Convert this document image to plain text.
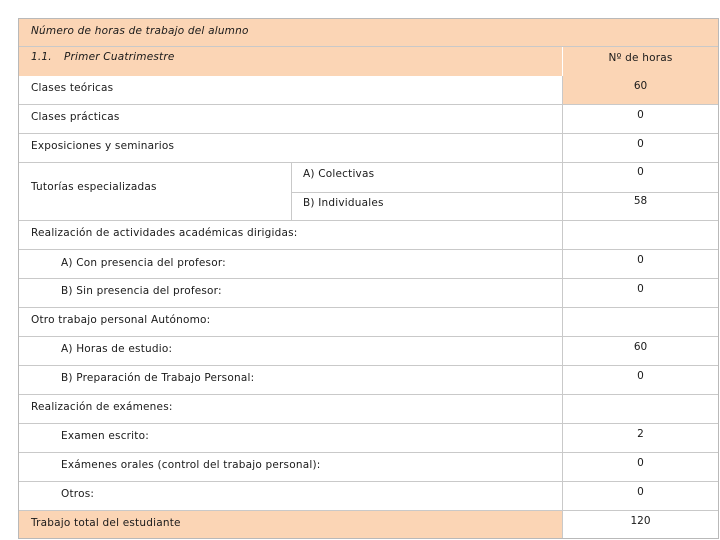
Número de horas de trabajo del alumno
1.1. Primer Cuatrimestre	Nº de horas
Clases teóricas	60
Clases prácticas	0
Exposiciones y seminarios	0
Tutorías especializadas
A) Colectivas	0
B) Individuales	58
Realización de actividades académicas dirigidas:
A) Con presencia del profesor:	0
B) Sin presencia del profesor:	0
Otro trabajo personal Autónomo:
A) Horas de estudio:	60
B) Preparación de Trabajo Personal:	0
Realización de exámenes:
Examen escrito:	2
Exámenes orales (control del trabajo personal):	0
Otros:	0
Trabajo total del estudiante	120
